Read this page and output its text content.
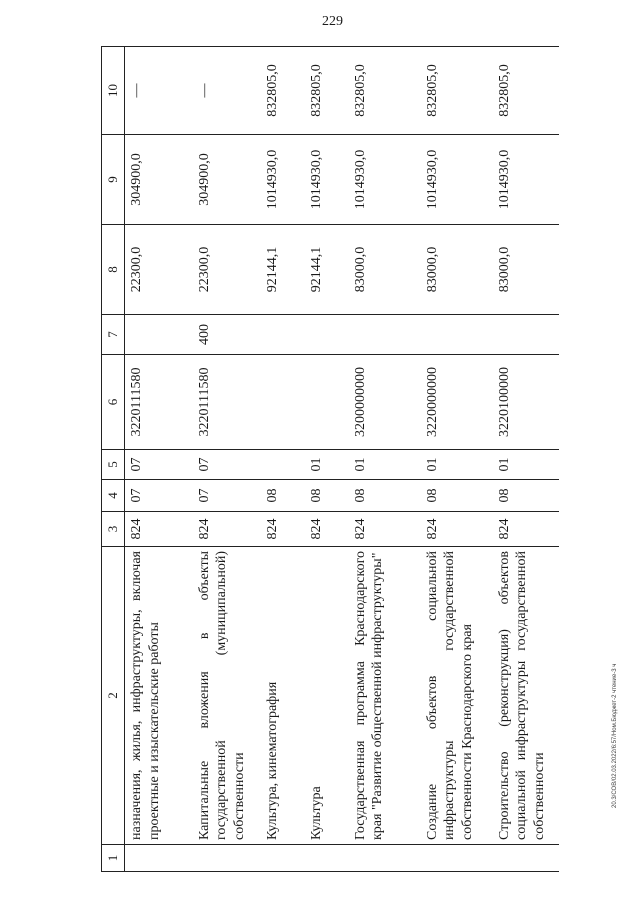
229
20.3/СОВ/02.03.2022/6:57/Ном.Бюджет-2 чтение-3 ч
1	2	3	4	5	6	7	8	9	10
	назначения, жилья, инфраструктуры, включая проектные и изыскательские работы	824	07	07	3220111580		22300,0	304900,0	—
	Капитальные вложения в объекты государственной (муниципальной) собственности	824	07	07	3220111580	400	22300,0	304900,0	—
	Культура, кинематография	824	08				92144,1	1014930,0	832805,0
	Культура	824	08	01			92144,1	1014930,0	832805,0
	Государственная программа Краснодарского края "Развитие общественной инфраструктуры"	824	08	01	3200000000		83000,0	1014930,0	832805,0
	Создание объектов социальной инфраструктуры государственной собственности Краснодарского края	824	08	01	3220000000		83000,0	1014930,0	832805,0
	Строительство (реконструкция) объектов социальной инфраструктуры государственной собственности	824	08	01	3220100000		83000,0	1014930,0	832805,0
